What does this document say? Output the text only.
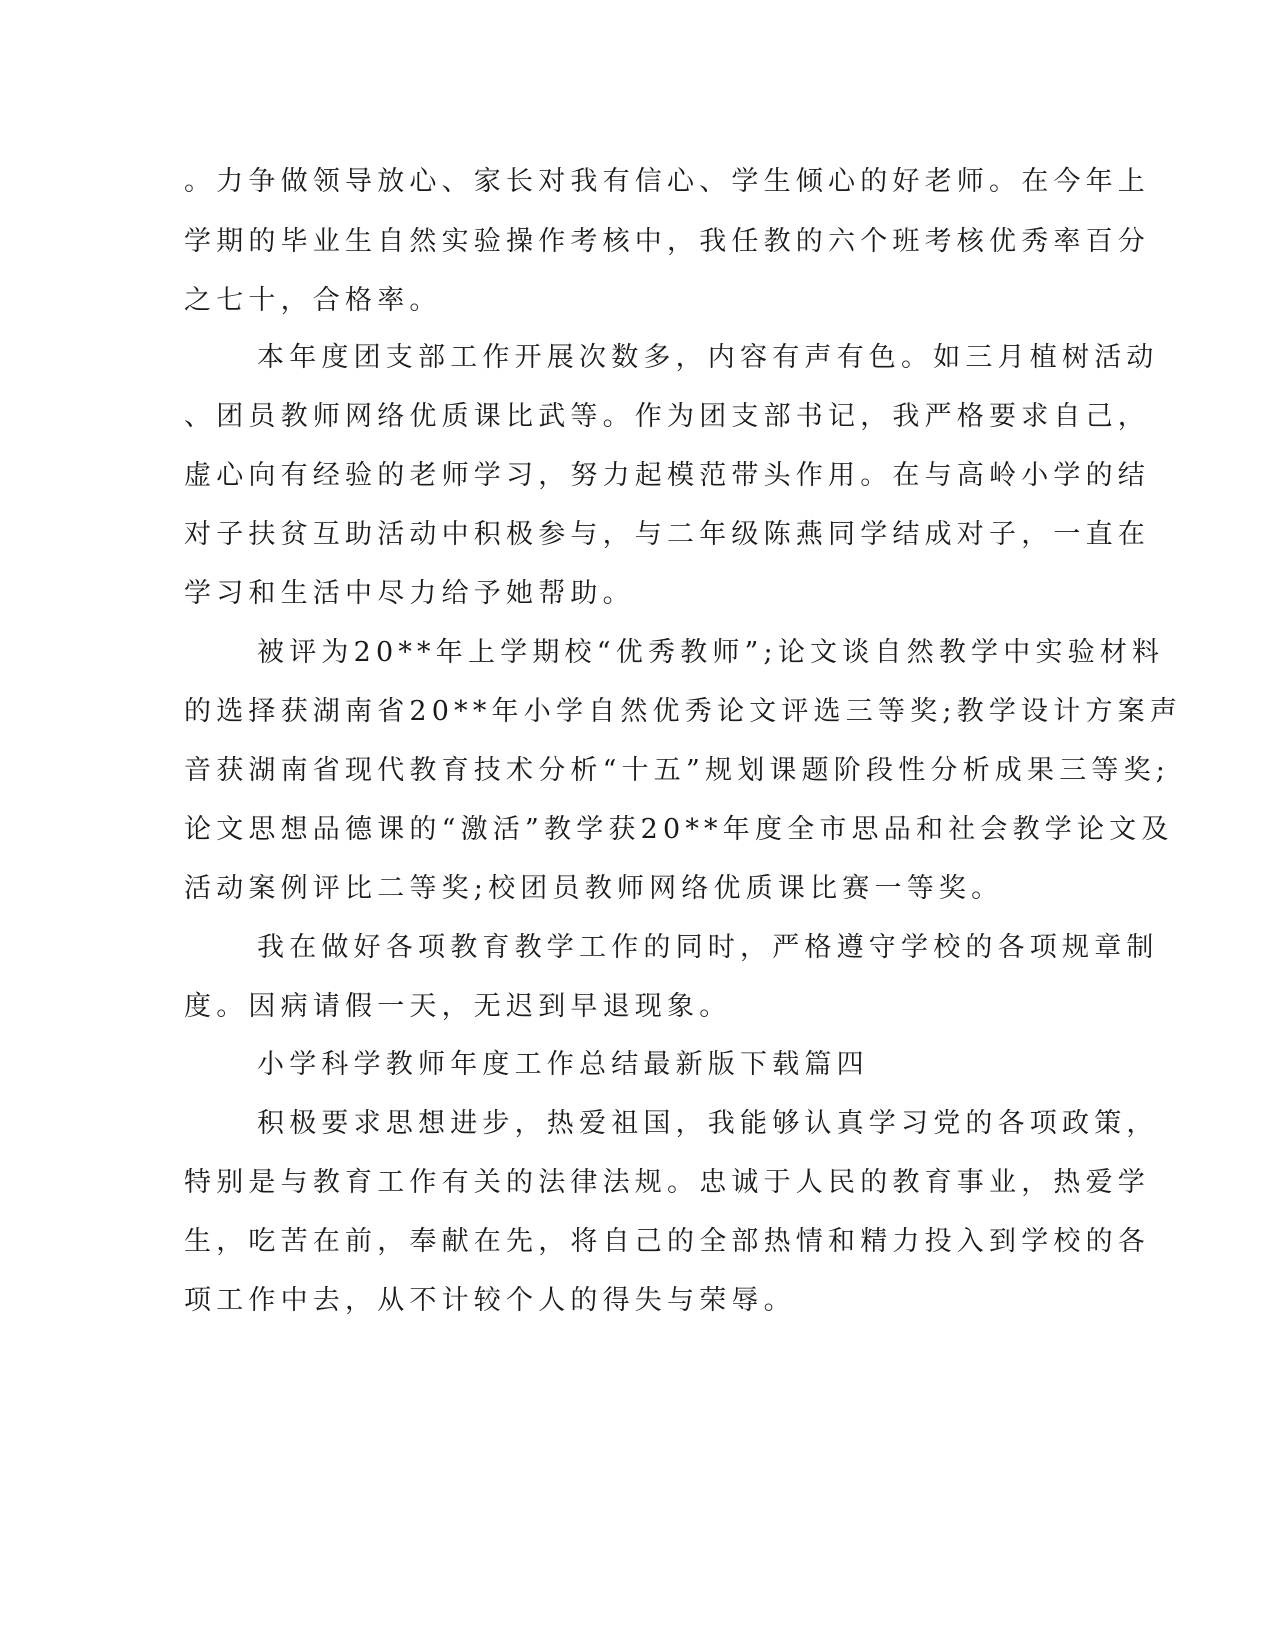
。力争做领导放心、家长对我有信心、学生倾心的好老师。在今年上
学期的毕业生自然实验操作考核中，我任教的六个班考核优秀率百分
之七十，合格率。
本年度团支部工作开展次数多，内容有声有色。如三月植树活动
、团员教师网络优质课比武等。作为团支部书记，我严格要求自己，
虚心向有经验的老师学习，努力起模范带头作用。在与高岭小学的结
对子扶贫互助活动中积极参与，与二年级陈燕同学结成对子，一直在
学习和生活中尽力给予她帮助。
被评为20**年上学期校“优秀教师”;论文谈自然教学中实验材料
的选择获湖南省20**年小学自然优秀论文评选三等奖;教学设计方案声
音获湖南省现代教育技术分析“十五”规划课题阶段性分析成果三等奖;
论文思想品德课的“激活”教学获20**年度全市思品和社会教学论文及
活动案例评比二等奖;校团员教师网络优质课比赛一等奖。
我在做好各项教育教学工作的同时，严格遵守学校的各项规章制
度。因病请假一天，无迟到早退现象。
小学科学教师年度工作总结最新版下载篇四
积极要求思想进步，热爱祖国，我能够认真学习党的各项政策，
特别是与教育工作有关的法律法规。忠诚于人民的教育事业，热爱学
生，吃苦在前，奉献在先，将自己的全部热情和精力投入到学校的各
项工作中去，从不计较个人的得失与荣辱。
